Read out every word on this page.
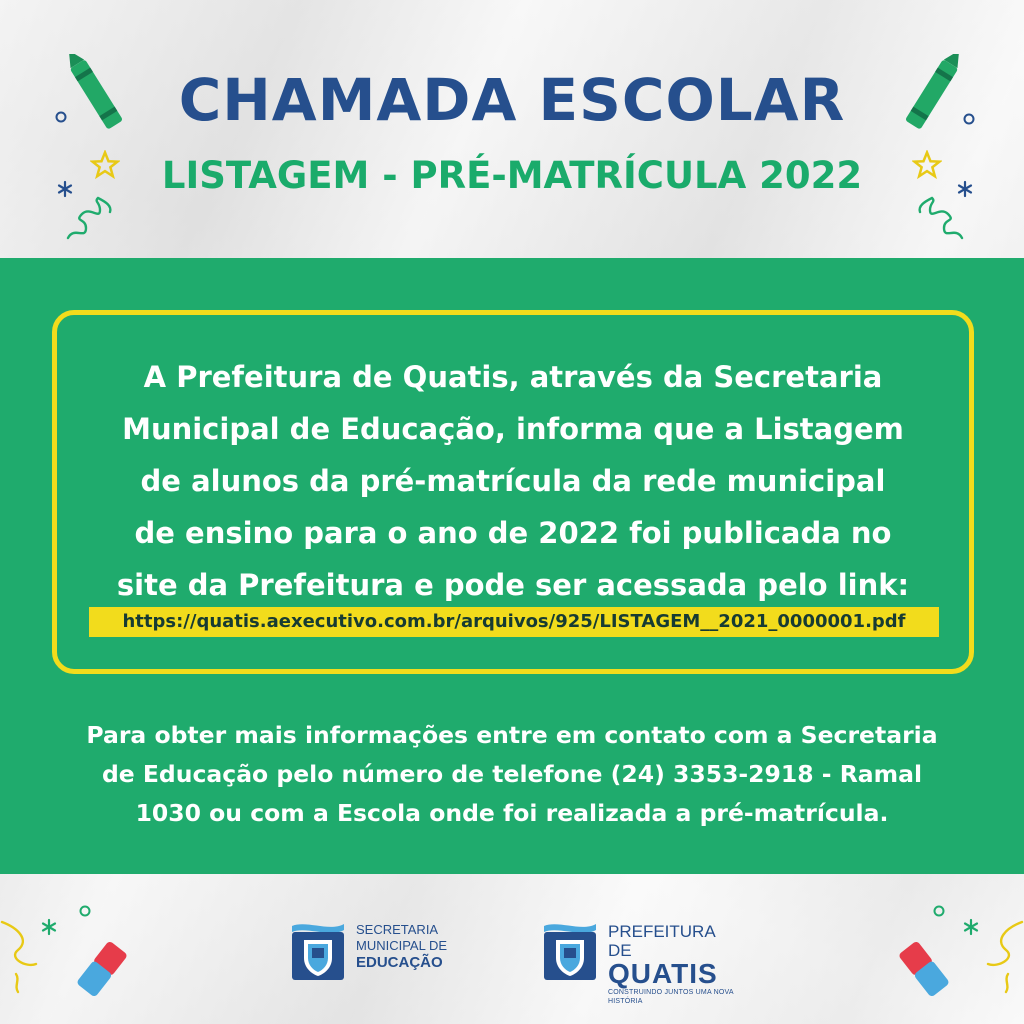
CHAMADA ESCOLAR
LISTAGEM - PRÉ-MATRÍCULA 2022
A Prefeitura de Quatis, através da Secretaria
Municipal de Educação, informa que a Listagem
de alunos da pré-matrícula da rede municipal
de ensino para o ano de 2022 foi publicada no
site da Prefeitura e pode ser acessada pelo link:
https://quatis.aexecutivo.com.br/arquivos/925/LISTAGEM__2021_0000001.pdf
Para obter mais informações entre em contato com a Secretaria
de Educação pelo número de telefone (24) 3353-2918 - Ramal
1030 ou com a Escola onde foi realizada a pré-matrícula.
SECRETARIA
MUNICIPAL DE
EDUCAÇÃO
PREFEITURA DE
QUATIS
CONSTRUINDO JUNTOS UMA NOVA HISTÓRIA
